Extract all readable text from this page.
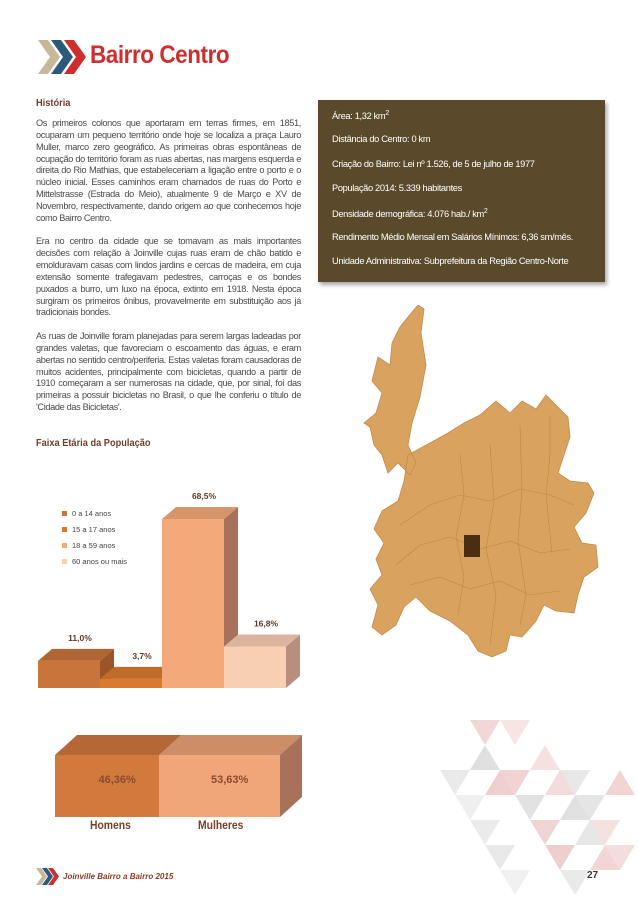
Bairro Centro
História

Os primeiros colonos que aportaram em terras firmes, em 1851, ocuparam um pequeno território onde hoje se localiza a praça Lauro Muller, marco zero geográfico. As primeiras obras espontâneas de ocupação do território foram as ruas abertas, nas margens esquerda e direita do Rio Mathias, que estabeleceriam a ligação entre o porto e o núcleo inicial. Esses caminhos eram chamados de ruas do Porto e Mittelstrasse (Estrada do Meio), atualmente 9 de Março e XV de Novembro, respectivamente, dando origem ao que conhecemos hoje como Bairro Centro.

Era no centro da cidade que se tomavam as mais importantes decisões com relação à Joinville cujas ruas eram de chão batido e emolduravam casas com lindos jardins e cercas de madeira, em cuja extensão somente trafegavam pedestres, carroças e os bondes puxados a burro, um luxo na época, extinto em 1918. Nesta época surgiram os primeiros ônibus, provavelmente em substituição aos já tradicionais bondes.

As ruas de Joinville foram planejadas para serem largas ladeadas por grandes valetas, que favoreciam o escoamento das águas, e eram abertas no sentido centro/periferia. Estas valetas foram causadoras de muitos acidentes, principalmente com bicicletas, quando a partir de 1910 começaram a ser numerosas na cidade, que, por sinal, foi das primeiras a possuir bicicletas no Brasil, o que lhe conferiu o título de 'Cidade das Bicicletas'.

Área: 1,32 $km^2$
Distância do Centro: 0 km
Criação do Bairro: Lei nº 1.526, de 5 de julho de 1977
População 2014: 5.339 habitantes
Densidade demográfica: 4.076 hab./ $km^2$
Rendimento Médio Mensal em Salários Mínimos: 6,36 sm/mês.
Unidade Administrativa: Subprefeitura da Região Centro-Norte
Faixa Etária da População
11,0%
3,7%
68,5%
16,8%
0 a 14 anos
15 a 17 anos
18 a 59 anos
60 anos ou mais
46,36%	53,63%
Homens	Mulheres
Joinville Bairro a Bairro 2015	27
